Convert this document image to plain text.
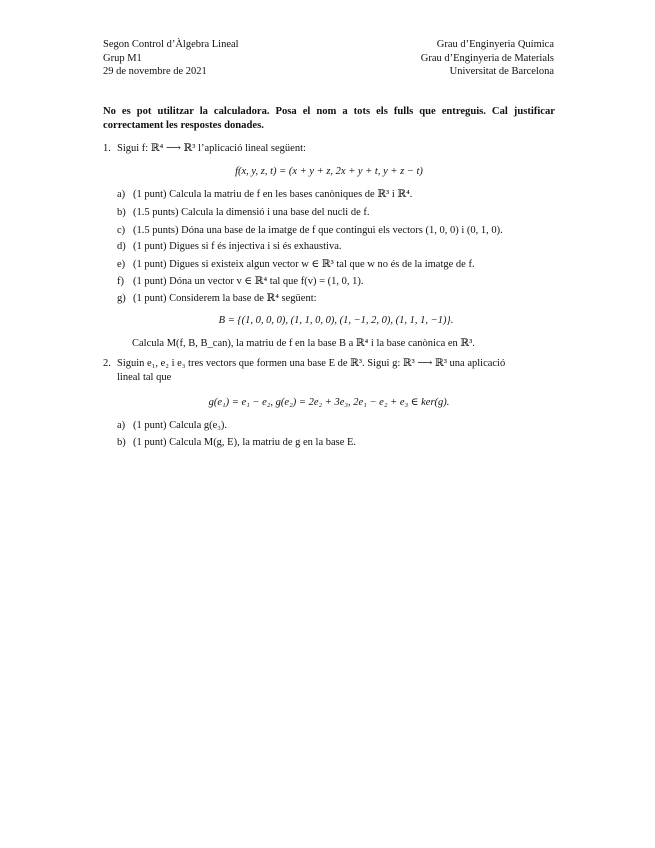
Segon Control d’Àlgebra Lineal
Grup M1
29 de novembre de 2021
Grau d’Enginyeria Química
Grau d’Enginyeria de Materials
Universitat de Barcelona
No es pot utilitzar la calculadora. Posa el nom a tots els fulls que entreguis. Cal justificar correctament les respostes donades.
1. Sigui f: ℝ⁴ ⟶ ℝ³ l’aplicació lineal següent:
f(x, y, z, t) = (x + y + z, 2x + y + t, y + z − t)
a) (1 punt) Calcula la matriu de f en les bases canòniques de ℝ³ i ℝ⁴.
b) (1.5 punts) Calcula la dimensió i una base del nucli de f.
c) (1.5 punts) Dóna una base de la imatge de f que contingui els vectors (1, 0, 0) i (0, 1, 0).
d) (1 punt) Digues si f és injectiva i si és exhaustiva.
e) (1 punt) Digues si existeix algun vector w ∈ ℝ³ tal que w no és de la imatge de f.
f) (1 punt) Dóna un vector v ∈ ℝ⁴ tal que f(v) = (1, 0, 1).
g) (1 punt) Considerem la base de ℝ⁴ següent:
B = {(1, 0, 0, 0), (1, 1, 0, 0), (1, −1, 2, 0), (1, 1, 1, −1)}.
Calcula M(f, B, B_can), la matriu de f en la base B a ℝ⁴ i la base canònica en ℝ³.
2. Siguin e₁, e₂ i e₃ tres vectors que formen una base E de ℝ³. Sigui g: ℝ³ ⟶ ℝ³ una aplicació
lineal tal que
g(e₁) = e₁ − e₂, g(e₂) = 2e₂ + 3e₃, 2e₁ − e₂ + e₃ ∈ ker(g).
a) (1 punt) Calcula g(e₃).
b) (1 punt) Calcula M(g, E), la matriu de g en la base E.
